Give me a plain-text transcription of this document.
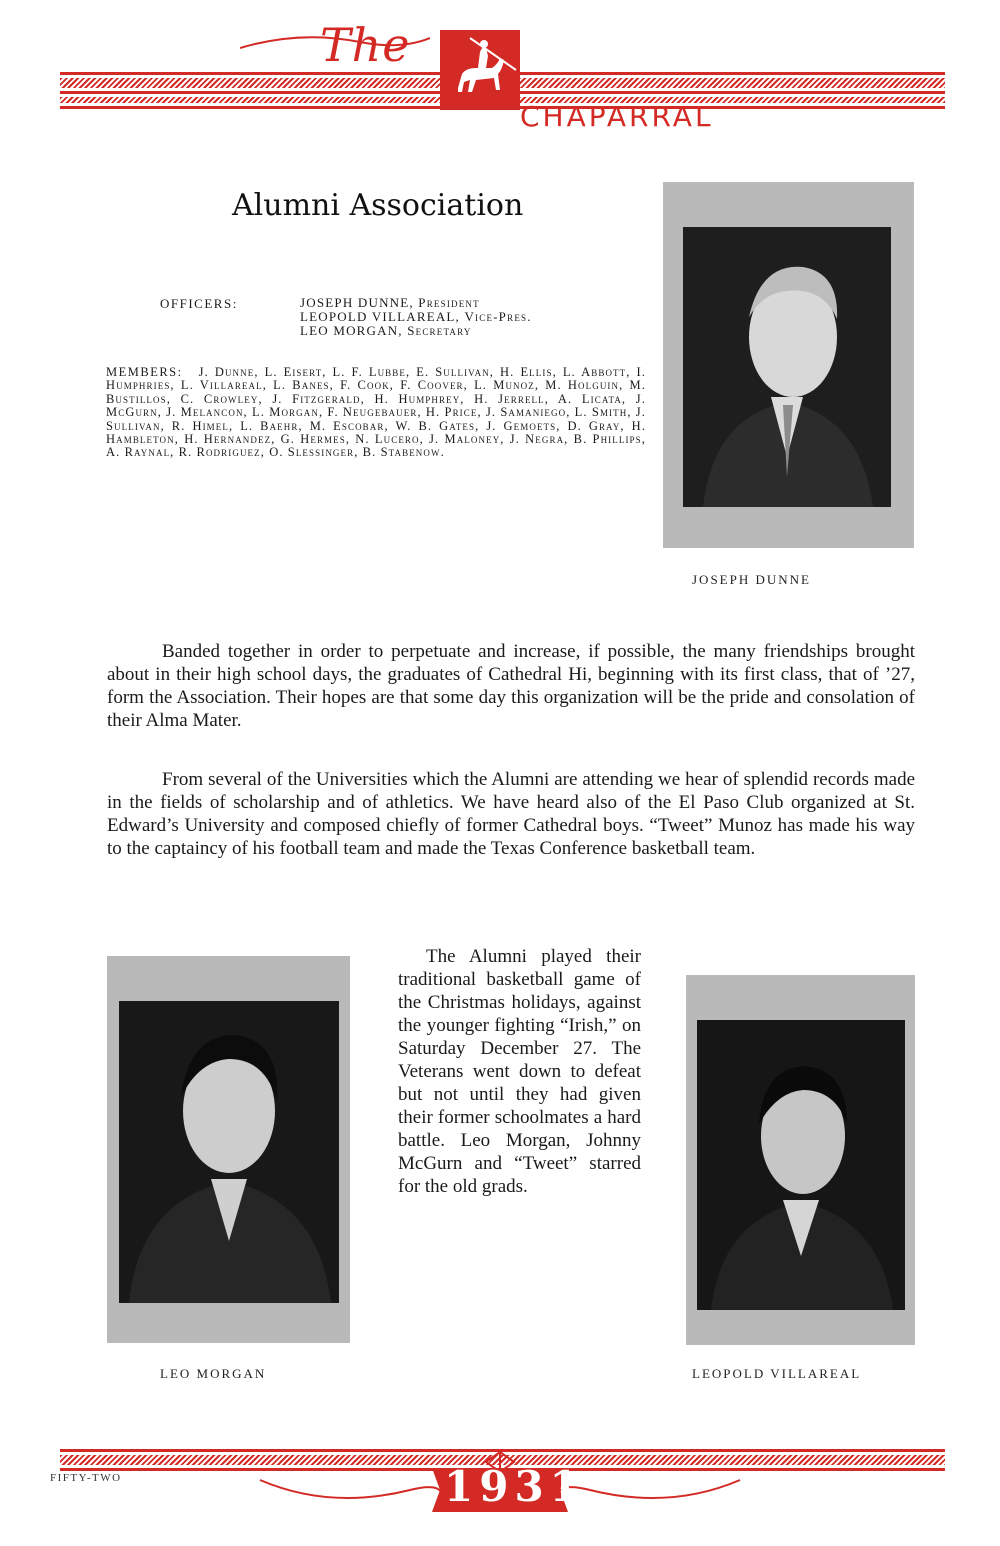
The
CHAPARRAL
Alumni Association
OFFICERS:	JOSEPH DUNNE, President
LEOPOLD VILLAREAL, Vice-Pres.
LEO MORGAN, Secretary
MEMBERS: J. Dunne, L. Eisert, L. F. Lubbe, E. Sullivan, H. Ellis, L. Abbott, I. Humphries, L. Villareal, L. Banes, F. Cook, F. Coover, L. Munoz, M. Holguin, M. Bustillos, C. Crowley, J. Fitzgerald, H. Humphrey, H. Jerrell, A. Licata, J. McGurn, J. Melancon, L. Morgan, F. Neugebauer, H. Price, J. Samaniego, L. Smith, J. Sullivan, R. Himel, L. Baehr, M. Escobar, W. B. Gates, J. Gemoets, D. Gray, H. Hambleton, H. Hernandez, G. Hermes, N. Lucero, J. Maloney, J. Negra, B. Phillips, A. Raynal, R. Rodriguez, O. Slessinger, B. Stabenow.
JOSEPH DUNNE
Banded together in order to perpetuate and increase, if possible, the many friendships brought about in their high school days, the graduates of Cathedral Hi, beginning with its first class, that of ’27, form the Association. Their hopes are that some day this organization will be the pride and consolation of their Alma Mater.
From several of the Universities which the Alumni are attending we hear of splendid records made in the fields of scholarship and of athletics. We have heard also of the El Paso Club organized at St. Edward’s University and composed chiefly of former Cathedral boys. “Tweet” Munoz has made his way to the captaincy of his football team and made the Texas Conference basketball team.
LEO MORGAN
The Alumni played their traditional basketball game of the Christmas holidays, against the younger fighting “Irish,” on Saturday December 27. The Veterans went down to defeat but not until they had given their former schoolmates a hard battle. Leo Morgan, Johnny McGurn and “Tweet” starred for the old grads.
LEOPOLD VILLAREAL
1931
FIFTY-TWO
